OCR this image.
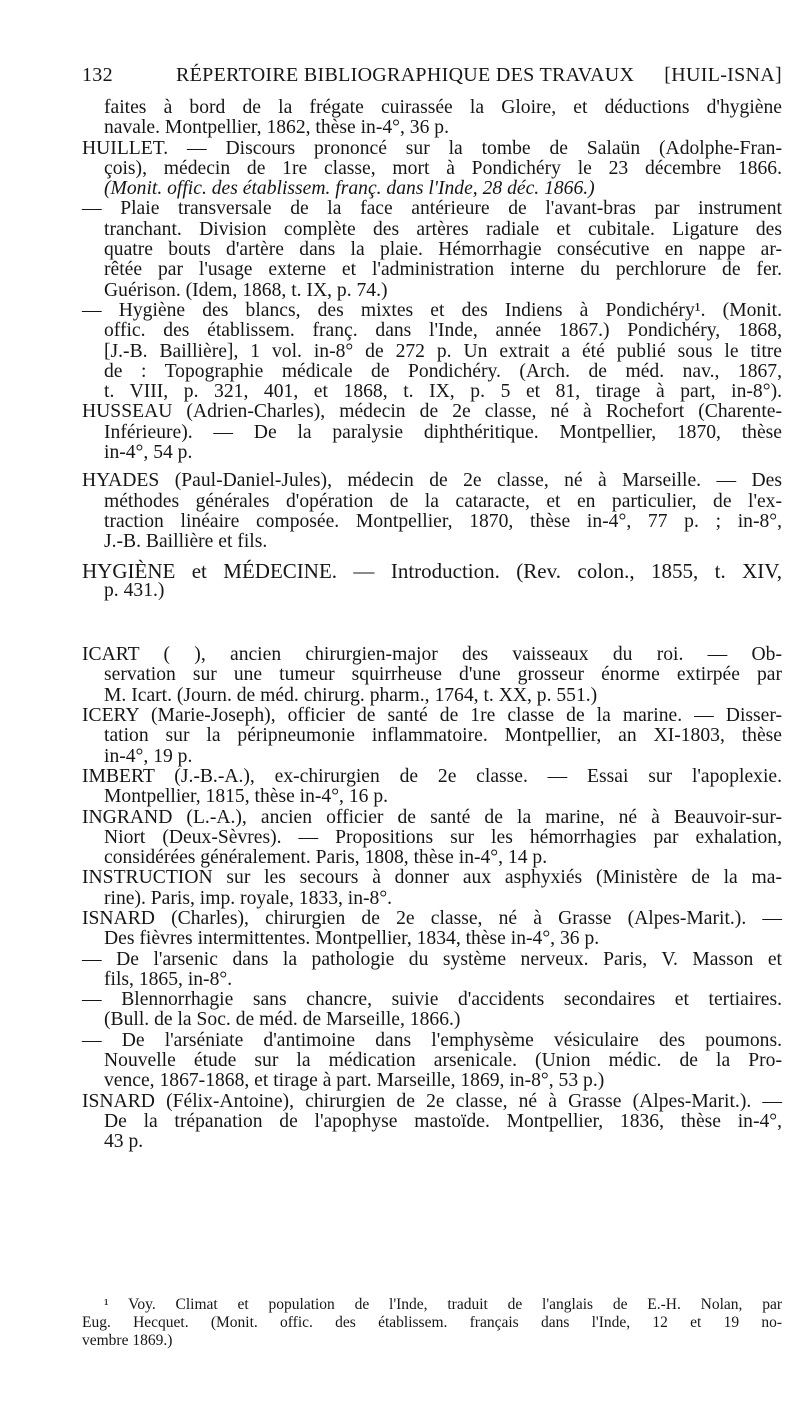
132	RÉPERTOIRE BIBLIOGRAPHIQUE DES TRAVAUX [HUIL-ISNA]
faites à bord de la frégate cuirassée la Gloire, et déductions d'hygiène
navale. Montpellier, 1862, thèse in-4°, 36 p.
HUILLET. — Discours prononcé sur la tombe de Salaün (Adolphe-Fran-
çois), médecin de 1re classe, mort à Pondichéry le 23 décembre 1866.
(Monit. offic. des établissem. franç. dans l'Inde, 28 déc. 1866.)
— Plaie transversale de la face antérieure de l'avant-bras par instrument
tranchant. Division complète des artères radiale et cubitale. Ligature des
quatre bouts d'artère dans la plaie. Hémorrhagie consécutive en nappe ar-
rêtée par l'usage externe et l'administration interne du perchlorure de fer.
Guérison. (Idem, 1868, t. IX, p. 74.)
— Hygiène des blancs, des mixtes et des Indiens à Pondichéry¹. (Monit.
offic. des établissem. franç. dans l'Inde, année 1867.) Pondichéry, 1868,
[J.-B. Baillière], 1 vol. in-8° de 272 p. Un extrait a été publié sous le titre
de : Topographie médicale de Pondichéry. (Arch. de méd. nav., 1867,
t. VIII, p. 321, 401, et 1868, t. IX, p. 5 et 81, tirage à part, in-8°).
HUSSEAU (Adrien-Charles), médecin de 2e classe, né à Rochefort (Charente-
Inférieure). — De la paralysie diphthéritique. Montpellier, 1870, thèse
in-4°, 54 p.
HYADES (Paul-Daniel-Jules), médecin de 2e classe, né à Marseille. — Des
méthodes générales d'opération de la cataracte, et en particulier, de l'ex-
traction linéaire composée. Montpellier, 1870, thèse in-4°, 77 p. ; in-8°,
J.-B. Baillière et fils.
HYGIÈNE et MÉDECINE. — Introduction. (Rev. colon., 1855, t. XIV,
p. 431.)
ICART ( ), ancien chirurgien-major des vaisseaux du roi. — Ob-
servation sur une tumeur squirrheuse d'une grosseur énorme extirpée par
M. Icart. (Journ. de méd. chirurg. pharm., 1764, t. XX, p. 551.)
ICERY (Marie-Joseph), officier de santé de 1re classe de la marine. — Disser-
tation sur la péripneumonie inflammatoire. Montpellier, an XI-1803, thèse
in-4°, 19 p.
IMBERT (J.-B.-A.), ex-chirurgien de 2e classe. — Essai sur l'apoplexie.
Montpellier, 1815, thèse in-4°, 16 p.
INGRAND (L.-A.), ancien officier de santé de la marine, né à Beauvoir-sur-
Niort (Deux-Sèvres). — Propositions sur les hémorrhagies par exhalation,
considérées généralement. Paris, 1808, thèse in-4°, 14 p.
INSTRUCTION sur les secours à donner aux asphyxiés (Ministère de la ma-
rine). Paris, imp. royale, 1833, in-8°.
ISNARD (Charles), chirurgien de 2e classe, né à Grasse (Alpes-Marit.). —
Des fièvres intermittentes. Montpellier, 1834, thèse in-4°, 36 p.
— De l'arsenic dans la pathologie du système nerveux. Paris, V. Masson et
fils, 1865, in-8°.
— Blennorrhagie sans chancre, suivie d'accidents secondaires et tertiaires.
(Bull. de la Soc. de méd. de Marseille, 1866.)
— De l'arséniate d'antimoine dans l'emphysème vésiculaire des poumons.
Nouvelle étude sur la médication arsenicale. (Union médic. de la Pro-
vence, 1867-1868, et tirage à part. Marseille, 1869, in-8°, 53 p.)
ISNARD (Félix-Antoine), chirurgien de 2e classe, né à Grasse (Alpes-Marit.). —
De la trépanation de l'apophyse mastoïde. Montpellier, 1836, thèse in-4°,
43 p.
¹ Voy. Climat et population de l'Inde, traduit de l'anglais de E.-H. Nolan, par
Eug. Hecquet. (Monit. offic. des établissem. français dans l'Inde, 12 et 19 no-
vembre 1869.)
